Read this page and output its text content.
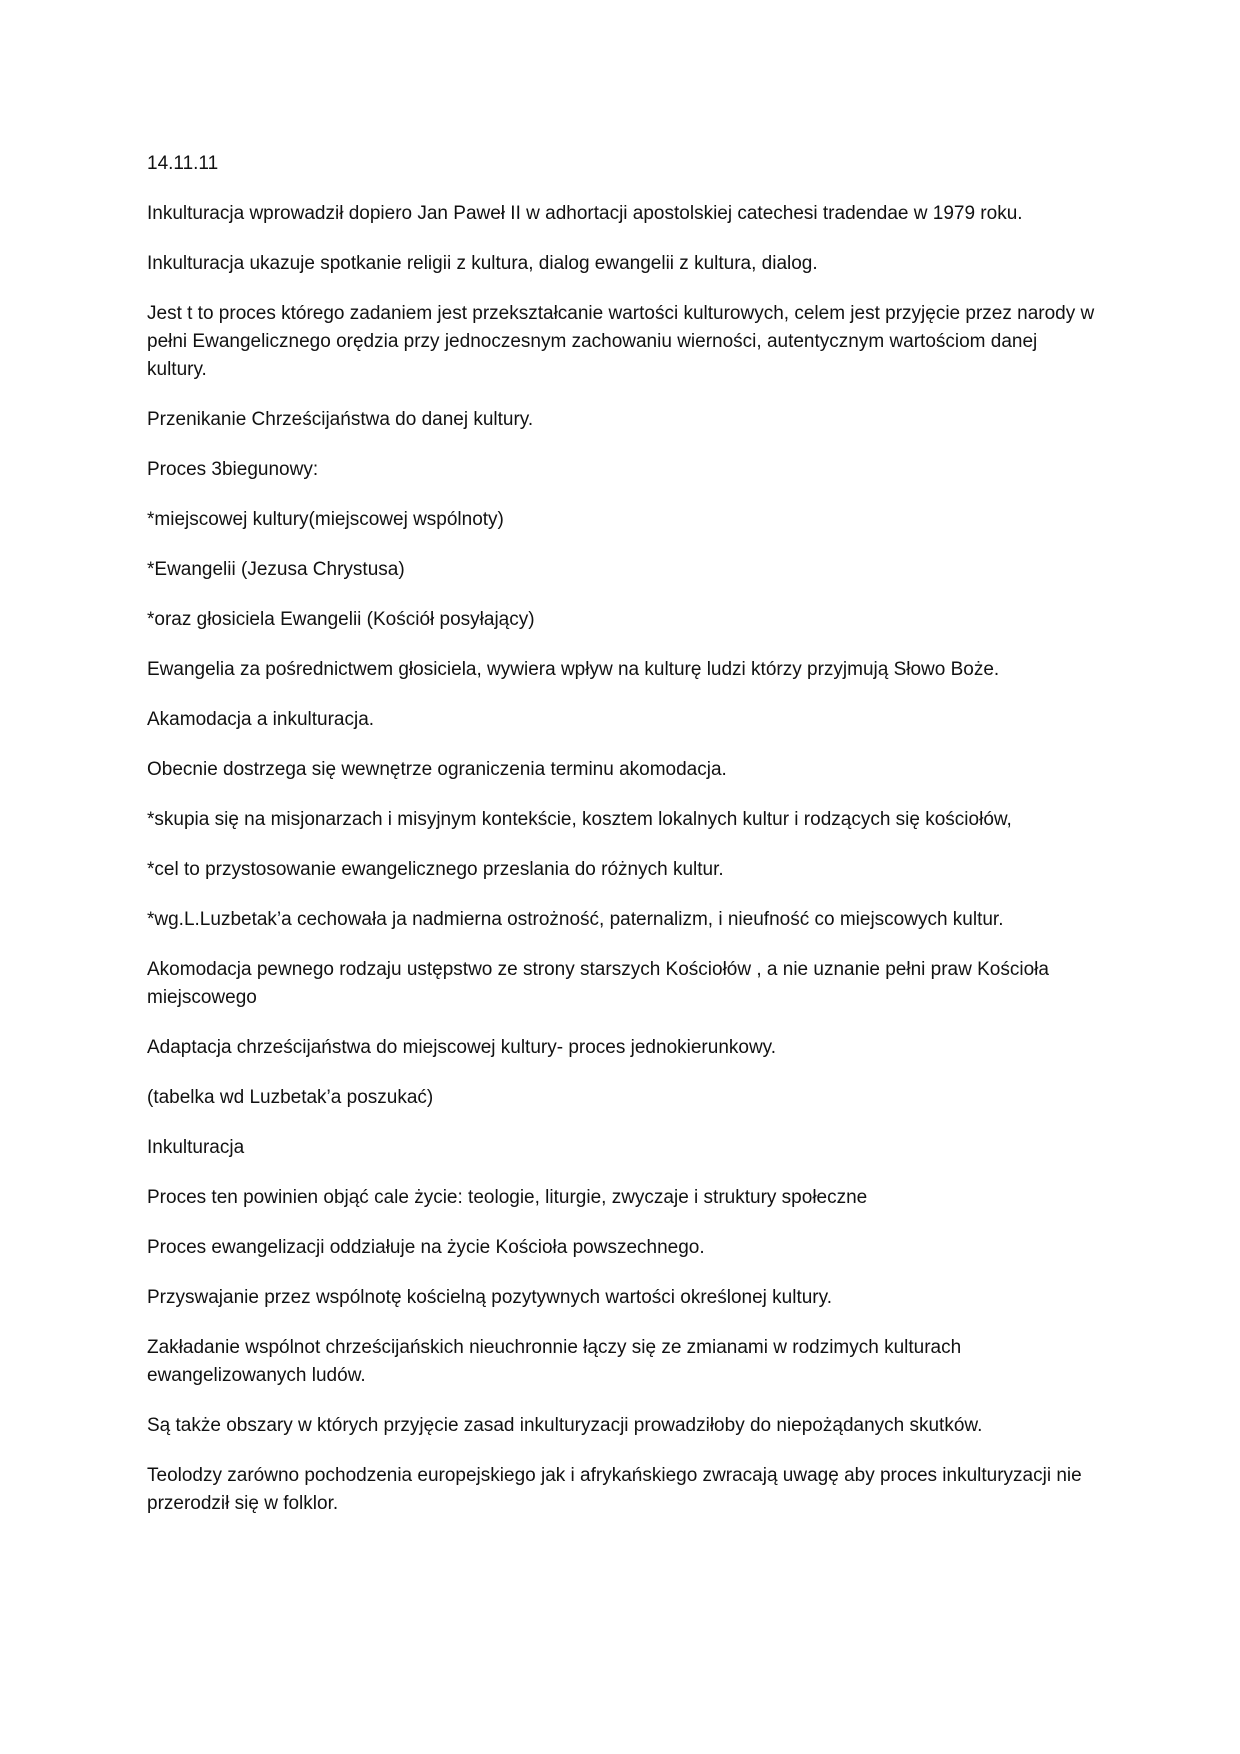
14.11.11

Inkulturacja wprowadził dopiero Jan Paweł II w adhortacji apostolskiej catechesi tradendae w 1979 roku.

Inkulturacja ukazuje spotkanie religii z kultura, dialog ewangelii z kultura, dialog.

Jest t to proces którego zadaniem jest przekształcanie wartości kulturowych, celem jest przyjęcie przez narody w pełni Ewangelicznego orędzia przy jednoczesnym zachowaniu wierności, autentycznym wartościom danej kultury.

Przenikanie Chrześcijaństwa do danej kultury.

Proces 3biegunowy:

*miejscowej kultury(miejscowej wspólnoty)

*Ewangelii (Jezusa Chrystusa)

*oraz głosiciela Ewangelii (Kościół posyłający)

Ewangelia za pośrednictwem głosiciela, wywiera wpływ na kulturę ludzi którzy przyjmują Słowo Boże.

Akamodacja a inkulturacja.

Obecnie dostrzega się wewnętrze ograniczenia terminu akomodacja.

*skupia się na misjonarzach i misyjnym kontekście, kosztem lokalnych kultur i rodzących się kościołów,

*cel to przystosowanie ewangelicznego przeslania do różnych kultur.

*wg.L.Luzbetak’a cechowała ja nadmierna ostrożność, paternalizm, i nieufność co miejscowych kultur.

Akomodacja pewnego rodzaju ustępstwo ze strony starszych Kościołów , a nie uznanie pełni praw Kościoła miejscowego

Adaptacja chrześcijaństwa do miejscowej kultury- proces jednokierunkowy.

(tabelka wd Luzbetak’a poszukać)

Inkulturacja

Proces ten powinien objąć cale życie: teologie, liturgie, zwyczaje i struktury społeczne

Proces ewangelizacji oddziałuje na życie Kościoła powszechnego.

Przyswajanie przez wspólnotę kościelną pozytywnych wartości określonej kultury.

Zakładanie wspólnot chrześcijańskich nieuchronnie łączy się ze zmianami w rodzimych kulturach ewangelizowanych ludów.

Są także obszary w których przyjęcie zasad inkulturyzacji prowadziłoby do niepożądanych skutków.

Teolodzy zarówno pochodzenia europejskiego jak i afrykańskiego zwracają uwagę aby proces inkulturyzacji nie przerodził się w folklor.
